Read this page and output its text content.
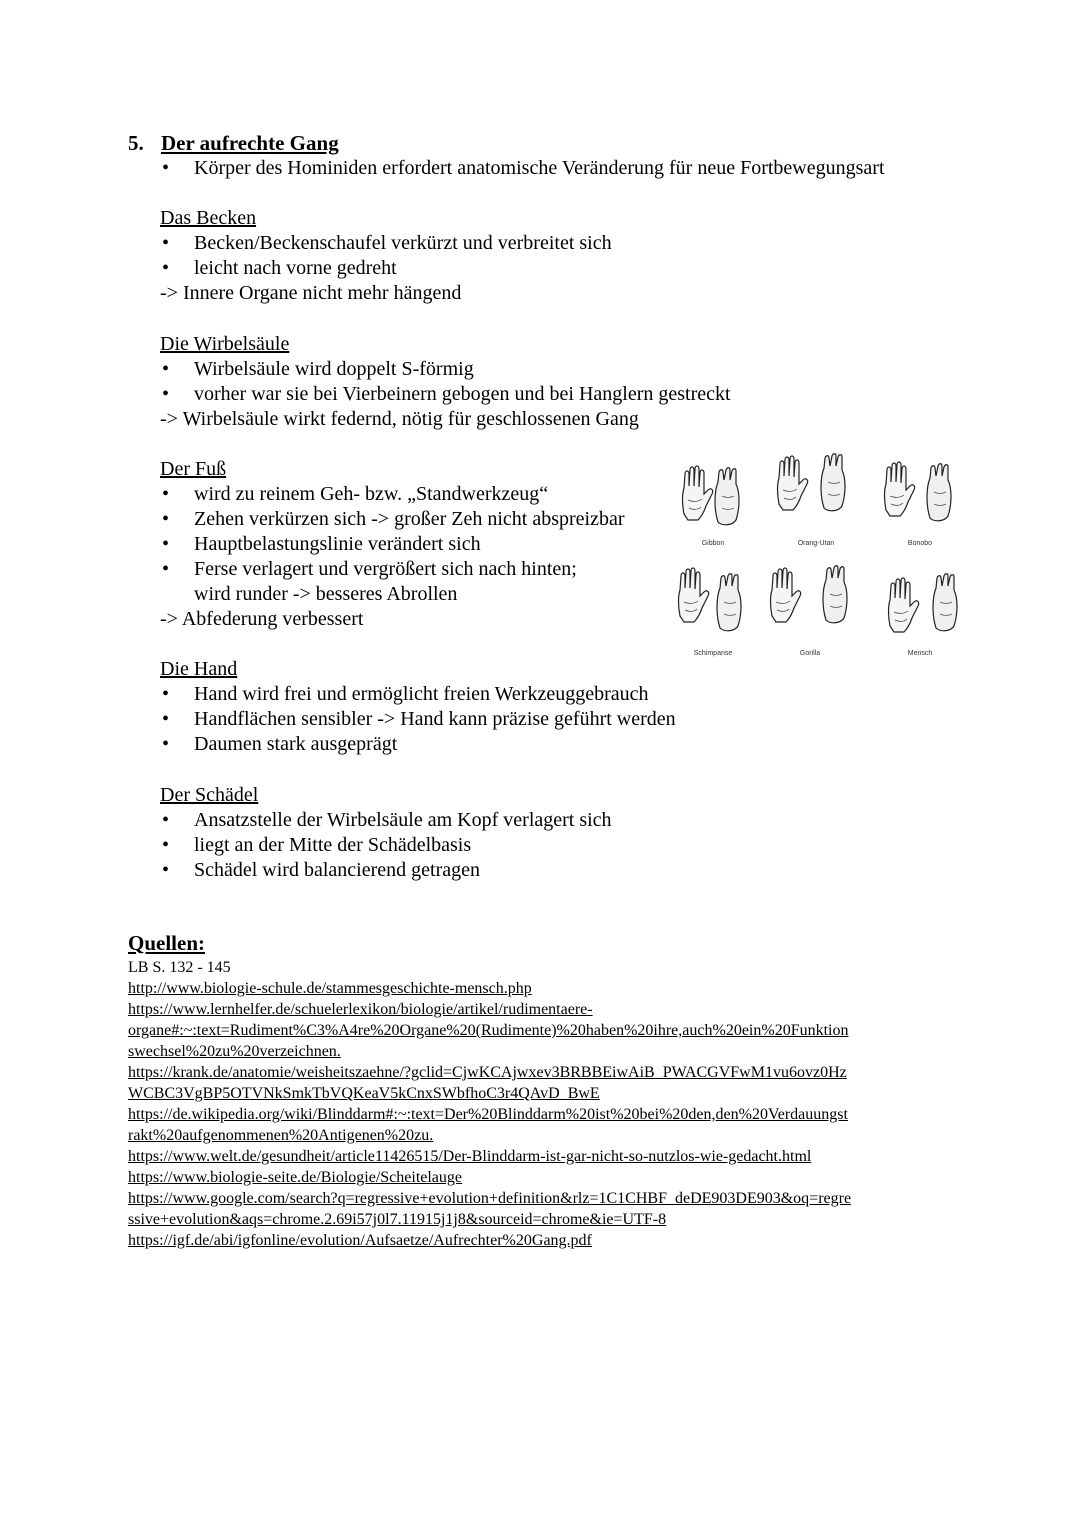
5. Der aufrechte Gang
• Körper des Hominiden erfordert anatomische Veränderung für neue Fortbewegungsart
Das Becken
• Becken/Beckenschaufel verkürzt und verbreitet sich
• leicht nach vorne gedreht
-> Innere Organe nicht mehr hängend
Die Wirbelsäule
• Wirbelsäule wird doppelt S-förmig
• vorher war sie bei Vierbeinern gebogen und bei Hanglern gestreckt
-> Wirbelsäule wirkt federnd, nötig für geschlossenen Gang
Der Fuß
• wird zu reinem Geh- bzw. „Standwerkzeug“
• Zehen verkürzen sich -> großer Zeh nicht abspreizbar
• Hauptbelastungslinie verändert sich
• Ferse verlagert und vergrößert sich nach hinten;
wird runder -> besseres Abrollen
-> Abfederung verbessert
Gibbon	Orang-Utan	Bonobo
Schimpanse	Gorilla	Mensch
Die Hand
• Hand wird frei und ermöglicht freien Werkzeuggebrauch
• Handflächen sensibler -> Hand kann präzise geführt werden
• Daumen stark ausgeprägt
Der Schädel
• Ansatzstelle der Wirbelsäule am Kopf verlagert sich
• liegt an der Mitte der Schädelbasis
• Schädel wird balancierend getragen
Quellen:
LB S. 132 - 145
http://www.biologie-schule.de/stammesgeschichte-mensch.php
https://www.lernhelfer.de/schuelerlexikon/biologie/artikel/rudimentaere-
organe#:~:text=Rudiment%C3%A4re%20Organe%20(Rudimente)%20haben%20ihre,auch%20ein%20Funktion
swechsel%20zu%20verzeichnen.
https://krank.de/anatomie/weisheitszaehne/?gclid=CjwKCAjwxev3BRBBEiwAiB_PWACGVFwM1vu6ovz0Hz
WCBC3VgBP5OTVNkSmkTbVQKeaV5kCnxSWbfhoC3r4QAvD_BwE
https://de.wikipedia.org/wiki/Blinddarm#:~:text=Der%20Blinddarm%20ist%20bei%20den,den%20Verdauungst
rakt%20aufgenommenen%20Antigenen%20zu.
https://www.welt.de/gesundheit/article11426515/Der-Blinddarm-ist-gar-nicht-so-nutzlos-wie-gedacht.html
https://www.biologie-seite.de/Biologie/Scheitelauge
https://www.google.com/search?q=regressive+evolution+definition&rlz=1C1CHBF_deDE903DE903&oq=regre
ssive+evolution&aqs=chrome.2.69i57j0l7.11915j1j8&sourceid=chrome&ie=UTF-8
https://igf.de/abi/igfonline/evolution/Aufsaetze/Aufrechter%20Gang.pdf
